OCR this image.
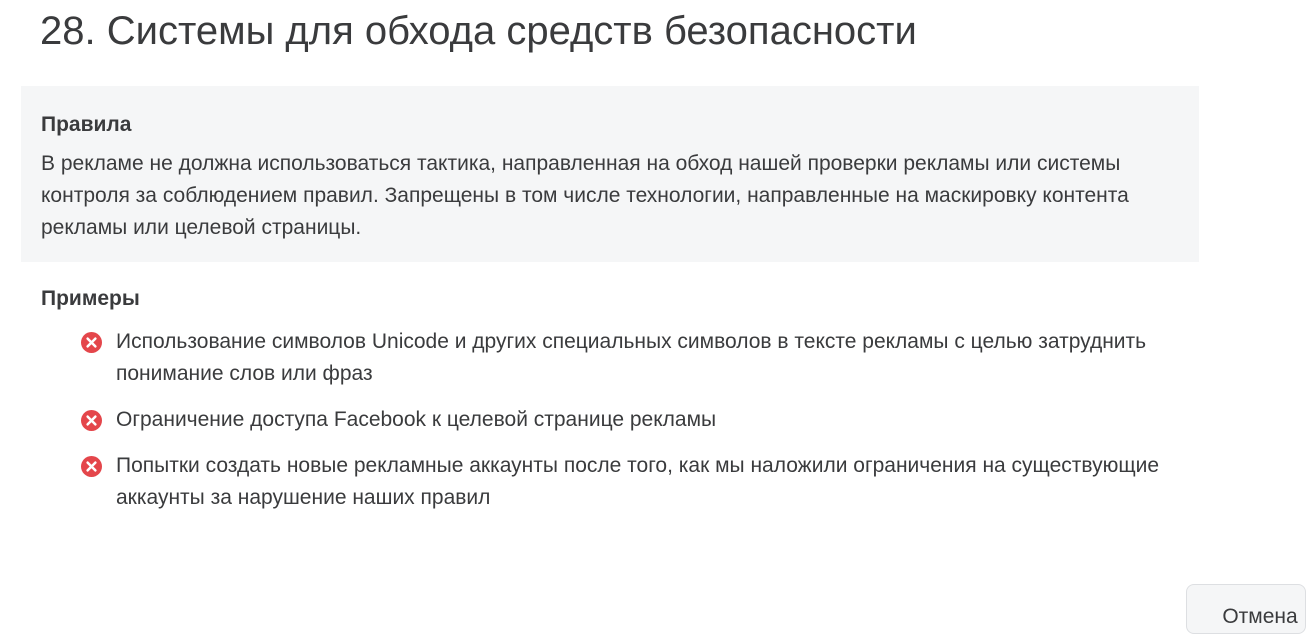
28. Системы для обхода средств безопасности
Правила

В рекламе не должна использоваться тактика, направленная на обход нашей проверки рекламы или системы контроля за соблюдением правил. Запрещены в том числе технологии, направленные на маскировку контента рекламы или целевой страницы.

Примеры
Использование символов Unicode и других специальных символов в тексте рекламы с целью затруднить понимание слов или фраз
Ограничение доступа Facebook к целевой странице рекламы
Попытки создать новые рекламные аккаунты после того, как мы наложили ограничения на существующие аккаунты за нарушение наших правил
Отмена
